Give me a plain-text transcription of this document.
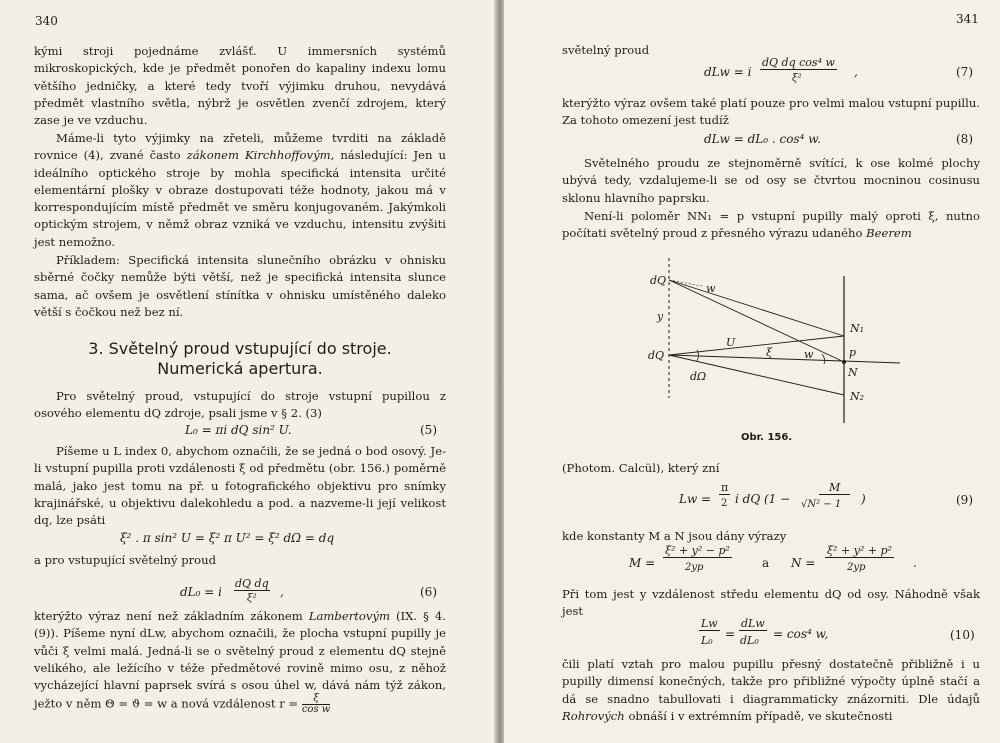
340

kými stroji pojednáme zvlášť. U immersních systémů mikroskopických, kde je předmět ponořen do kapaliny indexu lomu většího jedničky, a které tedy tvoří výjimku druhou, nevydává předmět vlastního světla, nýbrž je osvětlen zvenčí zdrojem, který zase je ve vzduchu.

Máme-li tyto výjimky na zřeteli, můžeme tvrditi na základě rovnice (4), zvané často zákonem Kirchhoffovým, následující: Jen u ideálního optického stroje by mohla specifická intensita určité elementární plošky v obraze dostupovati téže hodnoty, jakou má v korrespondujícím místě předmět ve směru konjugovaném. Jakýmkoli optickým strojem, v němž obraz vzniká ve vzduchu, intensitu zvýšiti jest nemožno.

Příkladem: Specifická intensita slunečního obrázku v ohnisku sběrné čočky nemůže býti větší, než je specifická intensita slunce sama, ač ovšem je osvětlení stínítka v ohnisku umístěného daleko větší s čočkou než bez ní.

3. Světelný proud vstupující do stroje. Numerická apertura.

Pro světelný proud, vstupující do stroje vstupní pupillou z osového elementu dQ zdroje, psali jsme v § 2. (3)

L₀ = πi dQ sin² U.	(5)

Píšeme u L index 0, abychom označili, že se jedná o bod osový. Je-li vstupní pupilla proti vzdálenosti ξ od předmětu (obr. 156.) poměrně malá, jako jest tomu na př. u fotografického objektivu pro snímky krajinářské, u objektivu dalekohledu a pod. a nazveme-li její velikost dq, lze psáti

ξ² . π sin² U = ξ² π U² = ξ² dΩ = dq

a pro vstupující světelný proud

dL₀ = i
dQ dq
ξ² ,	(6)

kterýžto výraz není než základním zákonem Lambertovým (IX. § 4. (9)). Píšeme nyní dLw, abychom označili, že plocha vstupní pupilly je vůči ξ velmi malá. Jedná-li se o světelný proud z elementu dQ stejně velikého, ale ležícího v téže předmětové rovině mimo osu, z něhož vycházející hlavní paprsek svírá s osou úhel w, dává nám týž zákon, ježto v něm Θ = ϑ = w a nová vzdálenost $r = \frac{\xi}{\text{cos w}}$

341
světelný proud
dLw = i
dQ dq cos⁴ w
ξ²	,	(7)

kterýžto výraz ovšem také platí pouze pro velmi malou vstupní pupillu. Za tohoto omezení jest tudíž

dLw = dL₀ . cos⁴ w.	(8)

Světelného proudu ze stejnoměrně svítící, k ose kolmé plochy ubývá tedy, vzdalujeme-li se od osy se čtvrtou mocninou cosinusu sklonu hlavního paprsku.

Není-li poloměr NN₁ = p vstupní pupilly malý oproti ξ, nutno počítati světelný proud z přesného výrazu udaného Beerem

dQ
w
y
dQ
U
ξ	w	p
N₁
N
N₂
dΩ
Obr. 156.
(Photom. Calcül), který zní
Lw =
π
2 i dQ (1 −
M
√N² − 1 )	(9)
kde konstanty M a N jsou dány výrazy
M =
ξ² + y² − p²
2yp	a N =
ξ² + y² + p²
2yp	.

Při tom jest y vzdálenost středu elementu dQ od osy. Náhodně však jest

Lw
L₀ =
dLw
dL₀ = cos⁴ w,	(10)

čili platí vztah pro malou pupillu přesný dostatečně přibližně i u pupilly dimensí konečných, takže pro přibližné výpočty úplně stačí a dá se snadno tabullovati i diagrammaticky znázorniti. Dle údajů Rohrových obnáší i v extrémním případě, ve skutečnosti
